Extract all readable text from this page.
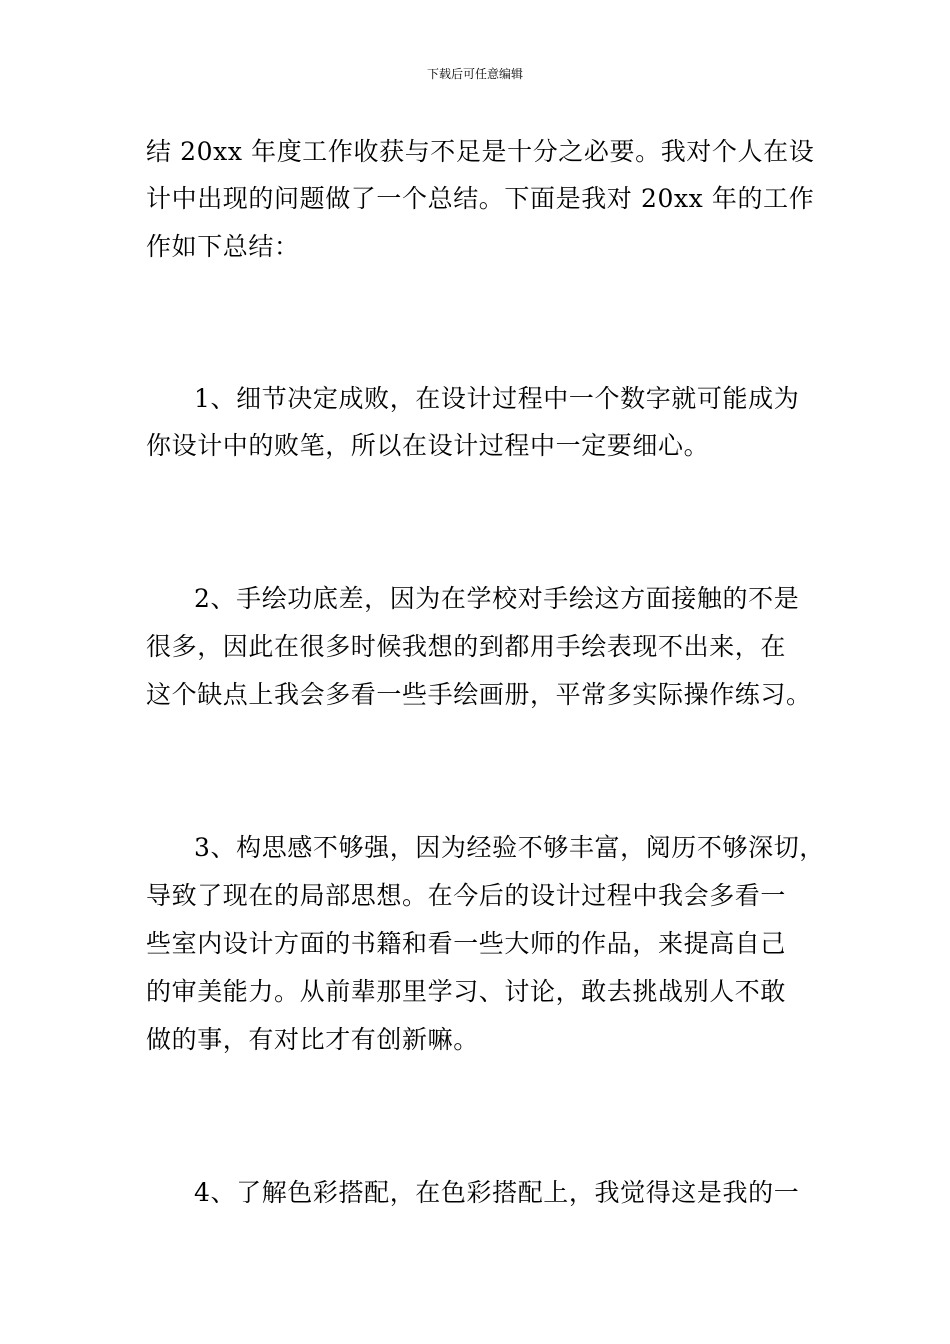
下载后可任意编辑
结 20xx 年度工作收获与不足是十分之必要。我对个人在设
计中出现的问题做了一个总结。下面是我对 20xx 年的工作
作如下总结：
1、细节决定成败，在设计过程中一个数字就可能成为
你设计中的败笔，所以在设计过程中一定要细心。
2、手绘功底差，因为在学校对手绘这方面接触的不是
很多，因此在很多时候我想的到都用手绘表现不出来，在
这个缺点上我会多看一些手绘画册，平常多实际操作练习。
3、构思感不够强，因为经验不够丰富，阅历不够深切，
导致了现在的局部思想。在今后的设计过程中我会多看一
些室内设计方面的书籍和看一些大师的作品，来提高自己
的审美能力。从前辈那里学习、讨论，敢去挑战别人不敢
做的事，有对比才有创新嘛。
4、了解色彩搭配，在色彩搭配上，我觉得这是我的一
